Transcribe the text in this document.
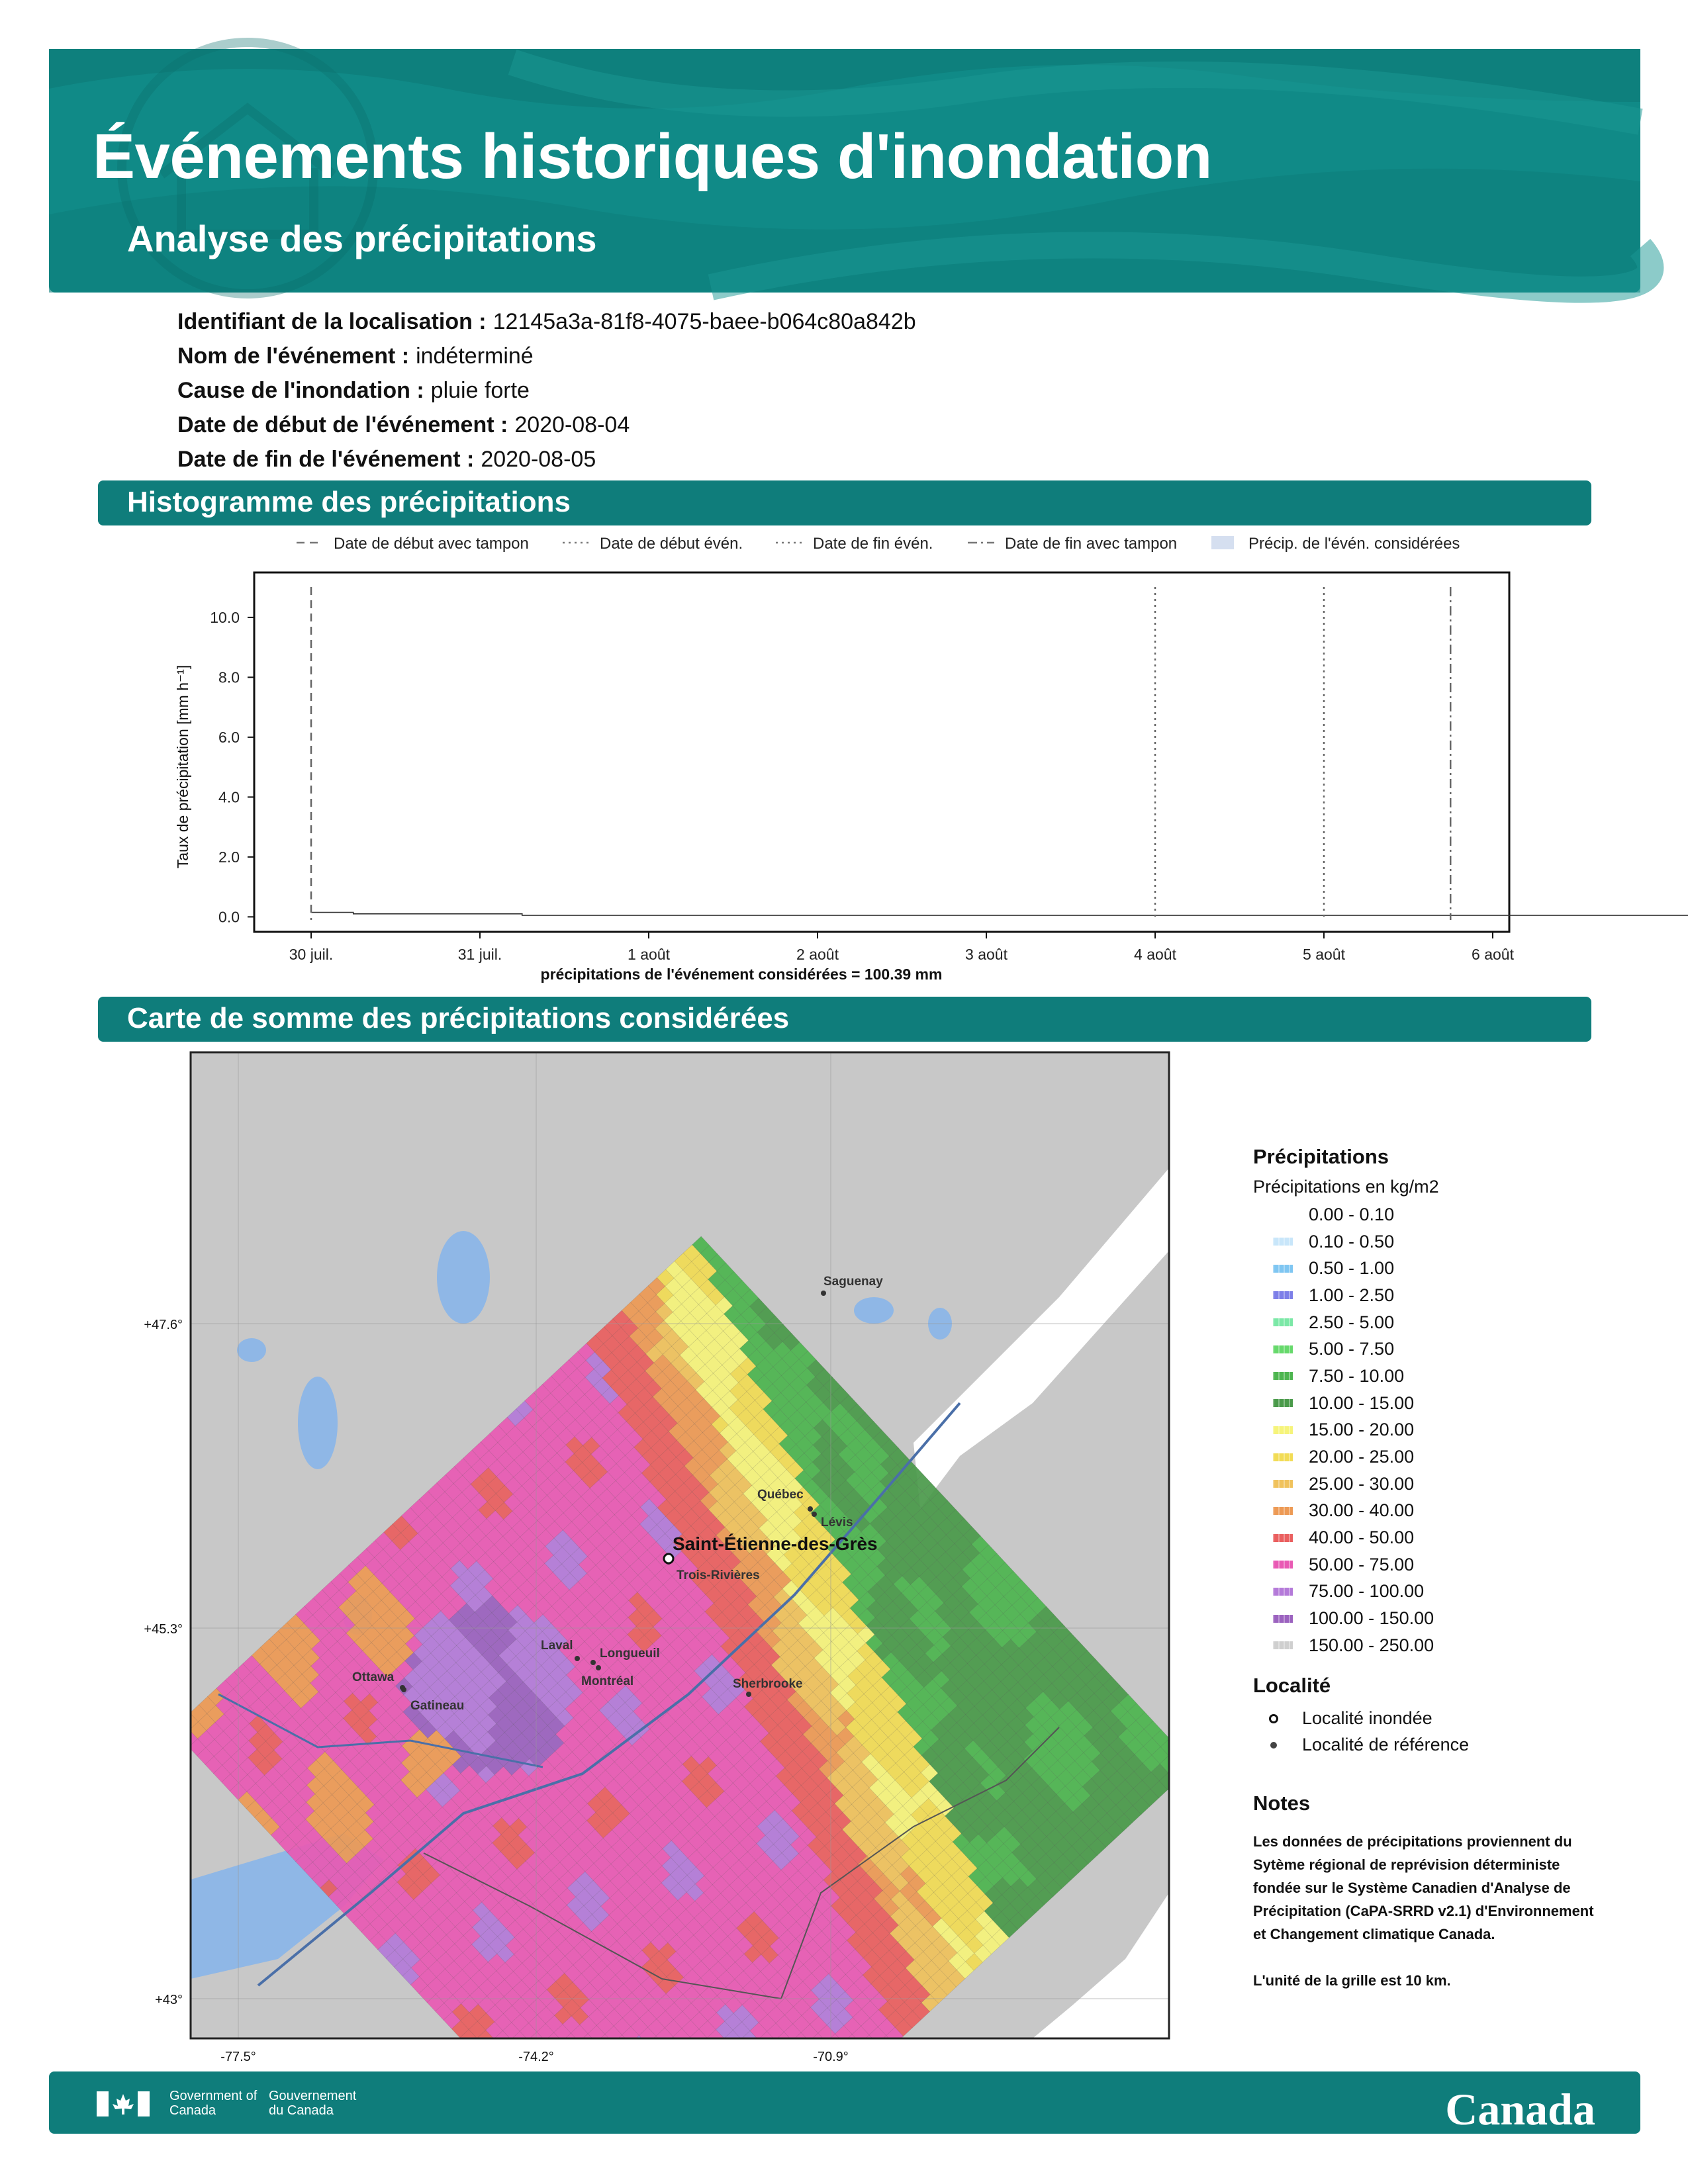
Événements historiques d'inondation
Analyse des précipitations
Identifiant de la localisation : 12145a3a-81f8-4075-baee-b064c80a842b
Nom de l'événement : indéterminé
Cause de l'inondation : pluie forte
Date de début de l'événement : 2020-08-04
Date de fin de l'événement : 2020-08-05
Histogramme des précipitations
Date de début avec tampon	Date de début évén.	Date de fin évén.	Date de fin avec tampon	Précip. de l'évén. considérées
0.0
2.0
4.0
6.0
8.0
10.0
30 juil.	31 juil.	1 août	2 août	3 août	4 août	5 août	6 août
précipitations de l'événement considérées = 100.39 mm
Taux de précipitation [mm h⁻¹]
Carte de somme des précipitations considérées
+47.6°
+45.3°
+43°
-77.5°	-74.2°	-70.9°
Saguenay
Québec
Lévis
Trois-Rivières
Laval
Longueuil
Montréal
Ottawa
Gatineau
Sherbrooke
Saint-Étienne-des-Grès
Précipitations
Précipitations en kg/m2
0.00 - 0.10
0.10 - 0.50
0.50 - 1.00
1.00 - 2.50
2.50 - 5.00
5.00 - 7.50
7.50 - 10.00
10.00 - 15.00
15.00 - 20.00
20.00 - 25.00
25.00 - 30.00
30.00 - 40.00
40.00 - 50.00
50.00 - 75.00
75.00 - 100.00
100.00 - 150.00
150.00 - 250.00
Localité
Localité inondée
Localité de référence
Notes
Les données de précipitations proviennent du Sytème régional de reprévision déterministe fondée sur le Système Canadien d'Analyse de Précipitation (CaPA-SRRD v2.1) d'Environnement et Changement climatique Canada.
L'unité de la grille est 10 km.
Government of Canada
Gouvernement du Canada	Canada
